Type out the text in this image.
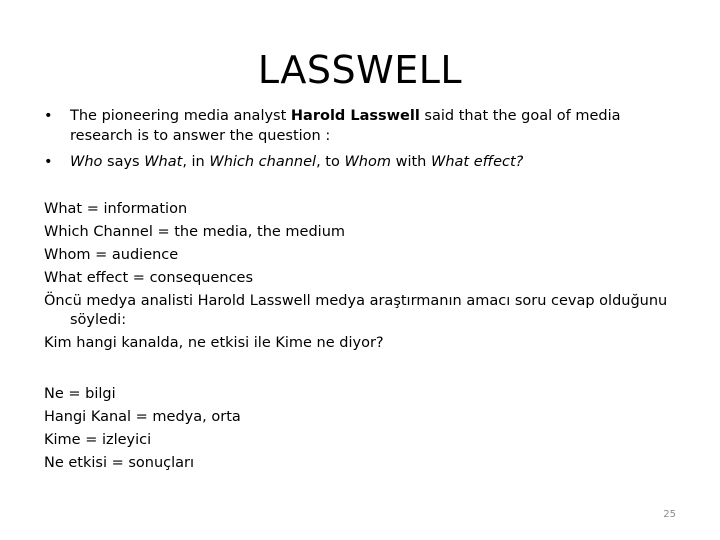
LASSWELL
• The pioneering media analyst Harold Lasswell said that the goal of media research is to answer the question :
• Who says What, in Which channel, to Whom with What effect?
What = information
Which Channel = the media, the medium
Whom = audience
What effect = consequences
Öncü medya analisti Harold Lasswell medya araştırmanın amacı soru cevap olduğunu söyledi:
Kim hangi kanalda, ne etkisi ile Kime ne diyor?
Ne = bilgi
Hangi Kanal = medya, orta
Kime = izleyici
Ne etkisi = sonuçları
25
